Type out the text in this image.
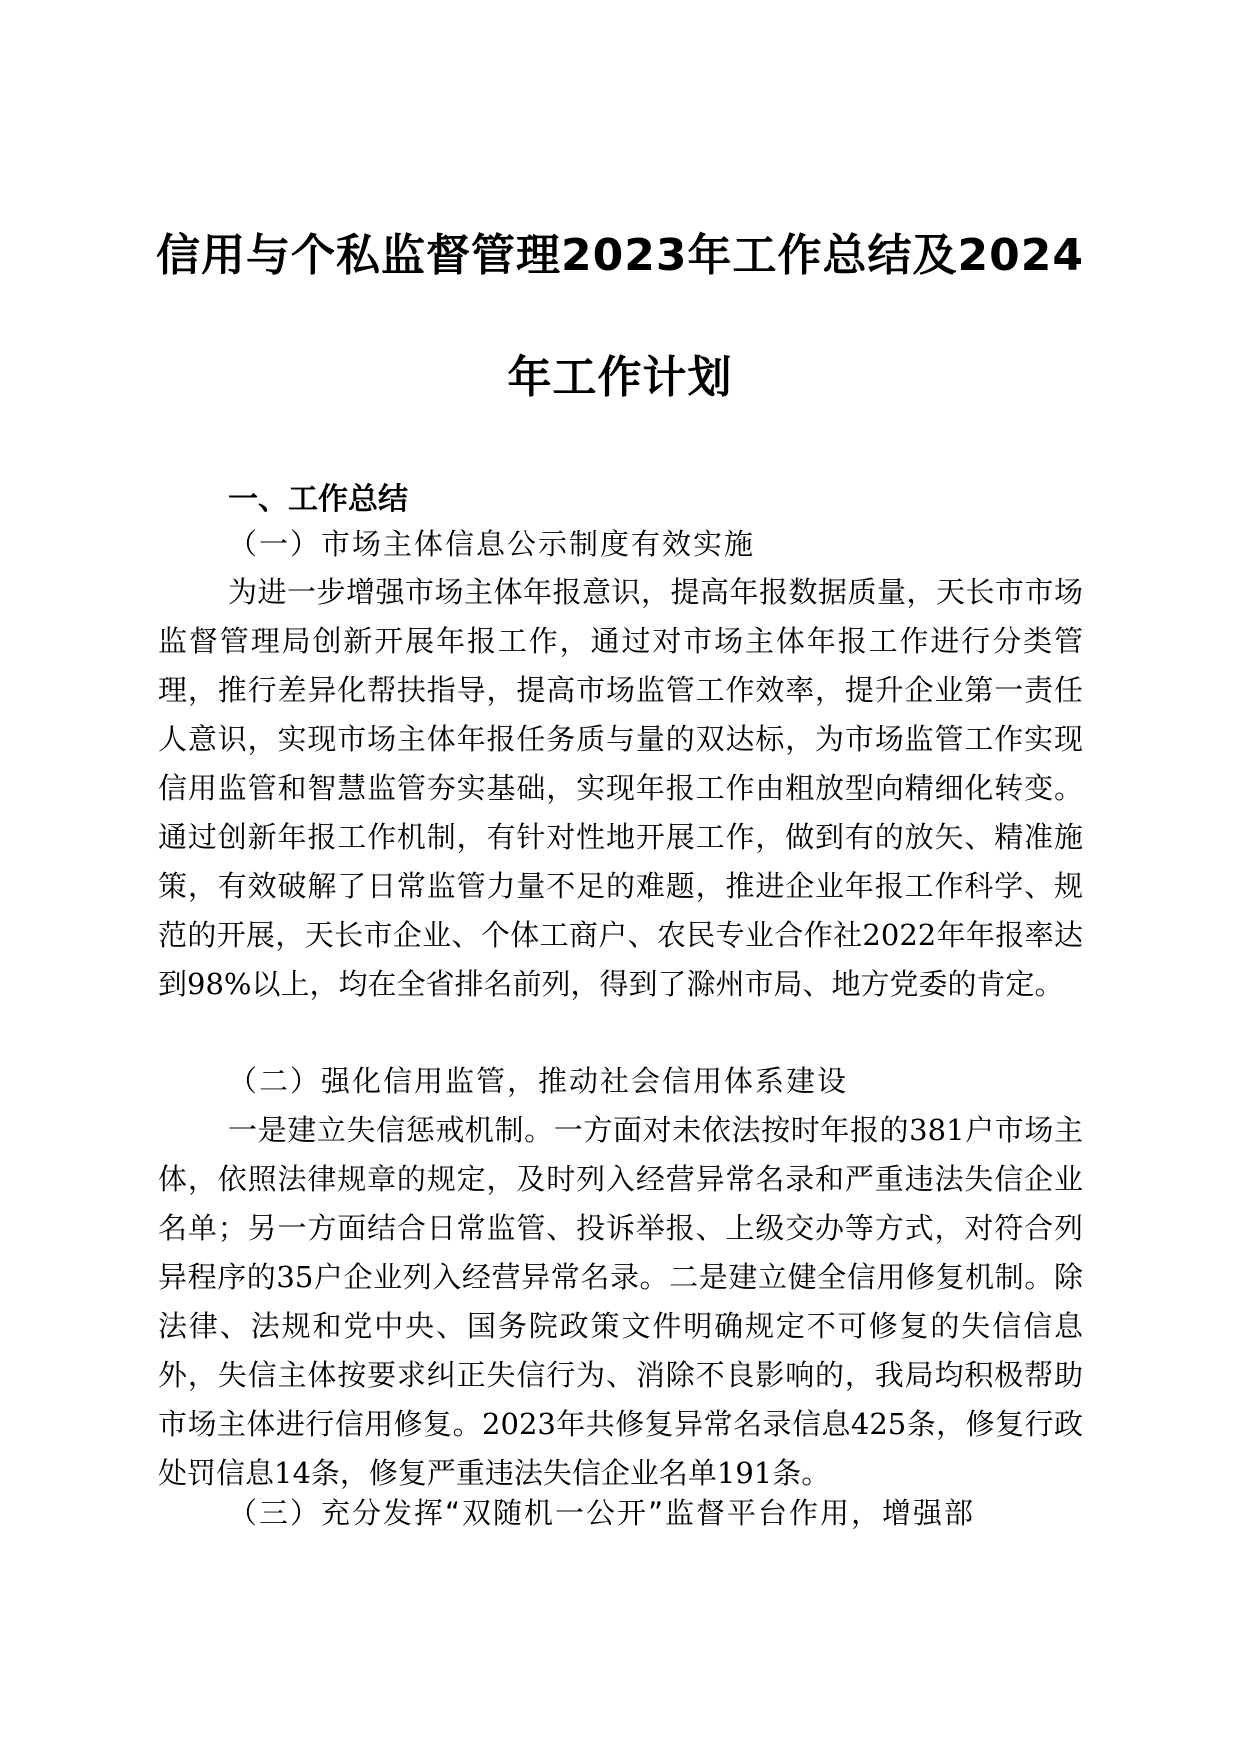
信用与个私监督管理2023年工作总结及2024
年工作计划
一、工作总结
（一）市场主体信息公示制度有效实施

为进一步增强市场主体年报意识，提高年报数据质量，天长市市场监督管理局创新开展年报工作，通过对市场主体年报工作进行分类管理，推行差异化帮扶指导，提高市场监管工作效率，提升企业第一责任人意识，实现市场主体年报任务质与量的双达标，为市场监管工作实现信用监管和智慧监管夯实基础，实现年报工作由粗放型向精细化转变。通过创新年报工作机制，有针对性地开展工作，做到有的放矢、精准施策，有效破解了日常监管力量不足的难题，推进企业年报工作科学、规范的开展，天长市企业、个体工商户、农民专业合作社2022年年报率达到98%以上，均在全省排名前列，得到了滁州市局、地方党委的肯定。

（二）强化信用监管，推动社会信用体系建设

一是建立失信惩戒机制。一方面对未依法按时年报的381户市场主体，依照法律规章的规定，及时列入经营异常名录和严重违法失信企业名单；另一方面结合日常监管、投诉举报、上级交办等方式，对符合列异程序的35户企业列入经营异常名录。二是建立健全信用修复机制。除法律、法规和党中央、国务院政策文件明确规定不可修复的失信信息外，失信主体按要求纠正失信行为、消除不良影响的，我局均积极帮助市场主体进行信用修复。2023年共修复异常名录信息425条，修复行政处罚信息14条，修复严重违法失信企业名单191条。

（三）充分发挥“双随机一公开”监督平台作用，增强部
